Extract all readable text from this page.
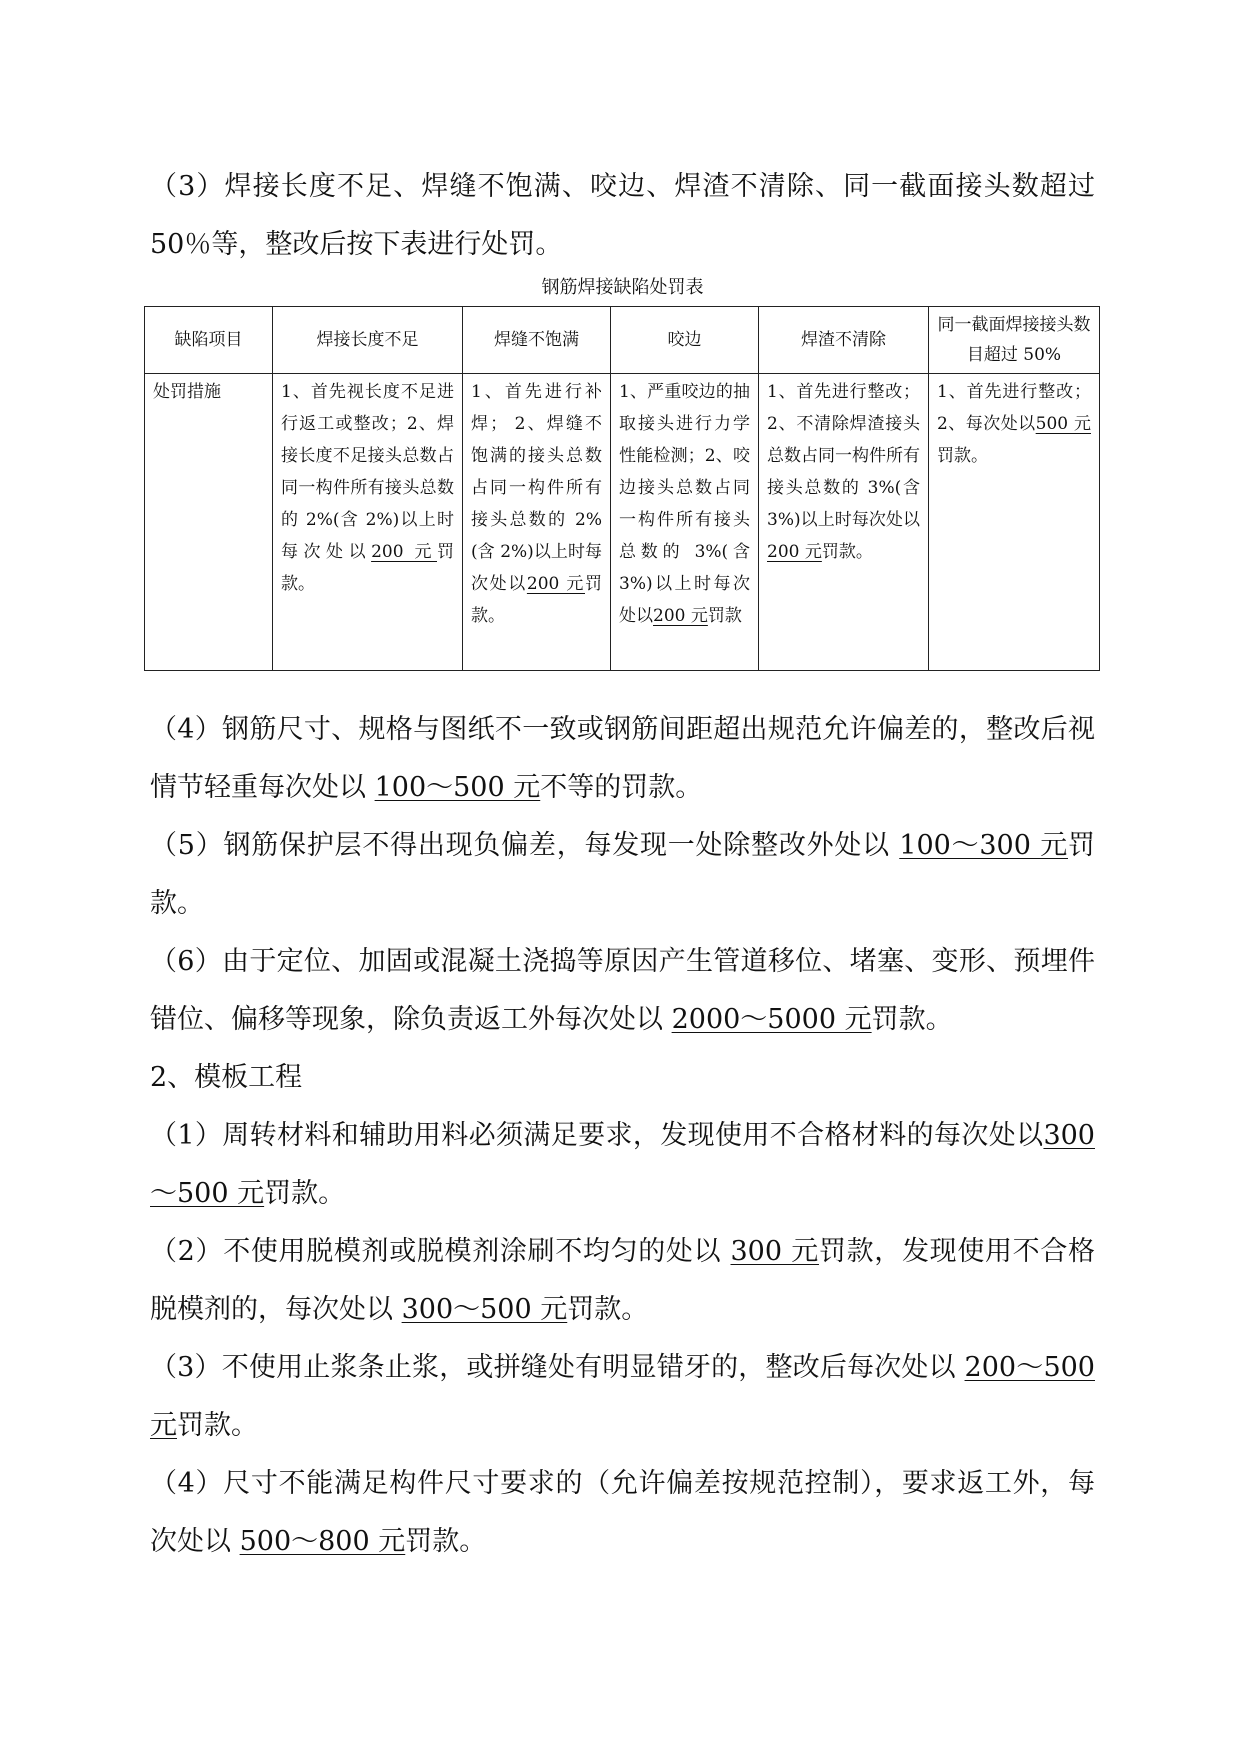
（3）焊接长度不足、焊缝不饱满、咬边、焊渣不清除、同一截面接头数超过 50％等，整改后按下表进行处罚。

钢筋焊接缺陷处罚表

缺陷项目	焊接长度不足	焊缝不饱满	咬边	焊渣不清除	同一截面焊接接头数目超过 50%
处罚措施	1、首先视长度不足进行返工或整改；2、焊接长度不足接头总数占同一构件所有接头总数的 2%(含 2%)以上时每次处以200 元罚款。	1、首先进行补焊； 2、焊缝不饱满的接头总数占同一构件所有接头总数的 2%(含 2%)以上时每次处以200 元罚款。	1、严重咬边的抽取接头进行力学性能检测；2、咬边接头总数占同一构件所有接头总数的 3%(含 3%)以上时每次处以200 元罚款	1、首先进行整改；2、不清除焊渣接头总数占同一构件所有接头总数的 3%(含 3%)以上时每次处以200 元罚款。	1、首先进行整改；2、每次处以500 元罚款。

（4）钢筋尺寸、规格与图纸不一致或钢筋间距超出规范允许偏差的，整改后视情节轻重每次处以 100～500 元不等的罚款。

（5）钢筋保护层不得出现负偏差，每发现一处除整改外处以 100～300 元罚款。

（6）由于定位、加固或混凝土浇捣等原因产生管道移位、堵塞、变形、预埋件错位、偏移等现象，除负责返工外每次处以 2000～5000 元罚款。

2、模板工程

（1）周转材料和辅助用料必须满足要求，发现使用不合格材料的每次处以300～500 元罚款。

（2）不使用脱模剂或脱模剂涂刷不均匀的处以 300 元罚款，发现使用不合格脱模剂的，每次处以 300～500 元罚款。

（3）不使用止浆条止浆，或拼缝处有明显错牙的，整改后每次处以 200～500 元罚款。

（4）尺寸不能满足构件尺寸要求的（允许偏差按规范控制），要求返工外，每次处以 500～800 元罚款。
